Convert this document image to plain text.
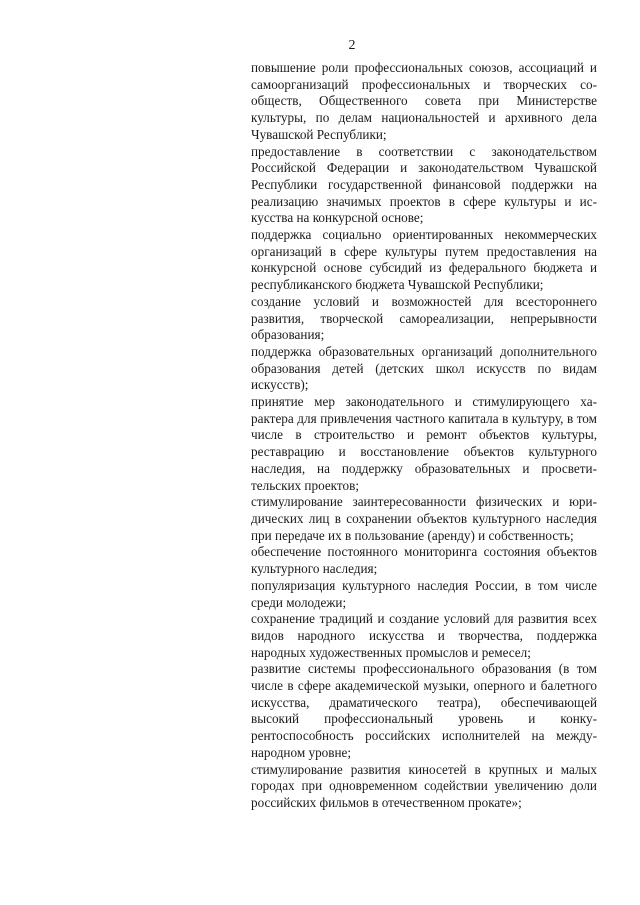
2

повышение роли профессиональных союзов, ассоциаций и самоорганизаций профессиональных и творческих сообществ, Общественного совета при Министерстве культуры, по делам национальностей и архивного дела Чувашской Республики;

предоставление в соответствии с законодательством Российской Федерации и законодательством Чувашской Республики государственной финансовой поддержки на реализацию значимых проектов в сфере культуры и искусства на конкурсной основе;

поддержка социально ориентированных некоммерческих организаций в сфере культуры путем предоставления на конкурсной основе субсидий из федерального бюджета и республиканского бюджета Чувашской Республики;

создание условий и возможностей для всестороннего развития, творческой самореализации, непрерывности образования;

поддержка образовательных организаций дополнительного образования детей (детских школ искусств по видам искусств);

принятие мер законодательного и стимулирующего характера для привлечения частного капитала в культуру, в том числе в строительство и ремонт объектов культуры, реставрацию и восстановление объектов культурного наследия, на поддержку образовательных и просветительских проектов;

стимулирование заинтересованности физических и юридических лиц в сохранении объектов культурного наследия при передаче их в пользование (аренду) и собственность;

обеспечение постоянного мониторинга состояния объектов культурного наследия;

популяризация культурного наследия России, в том числе среди молодежи;

сохранение традиций и создание условий для развития всех видов народного искусства и творчества, поддержка народных художественных промыслов и ремесел;

развитие системы профессионального образования (в том числе в сфере академической музыки, оперного и балетного искусства, драматического театра), обеспечивающей высокий профессиональный уровень и конкурентоспособность российских исполнителей на международном уровне;

стимулирование развития киносетей в крупных и малых городах при одновременном содействии увеличению доли российских фильмов в отечественном прокате»;
